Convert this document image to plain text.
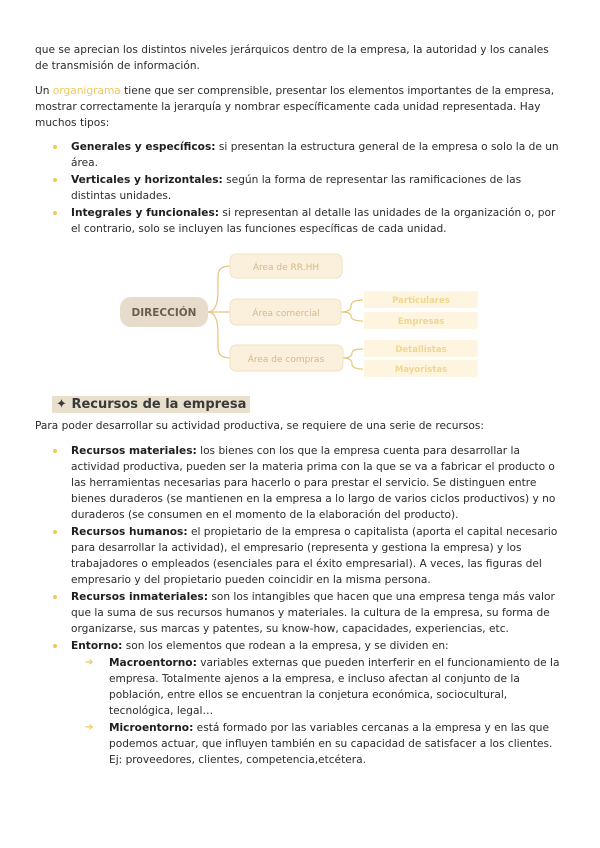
que se aprecian los distintos niveles jerárquicos dentro de la empresa, la autoridad y los canales de transmisión de información.

Un organigrama tiene que ser comprensible, presentar los elementos importantes de la empresa, mostrar correctamente la jerarquía y nombrar específicamente cada unidad representada. Hay muchos tipos:

Generales y específicos: si presentan la estructura general de la empresa o solo la de un área.
Verticales y horizontales: según la forma de representar las ramificaciones de las distintas unidades.
Integrales y funcionales: si representan al detalle las unidades de la organización o, por el contrario, solo se incluyen las funciones específicas de cada unidad.
DIRECCIÓN
Área de RR.HH
Área comercial
Área de compras
Particulares
Empresas
Detallistas
Mayoristas
✦ Recursos de la empresa

Para poder desarrollar su actividad productiva, se requiere de una serie de recursos:

Recursos materiales: los bienes con los que la empresa cuenta para desarrollar la actividad productiva, pueden ser la materia prima con la que se va a fabricar el producto o las herramientas necesarias para hacerlo o para prestar el servicio. Se distinguen entre bienes duraderos (se mantienen en la empresa a lo largo de varios ciclos productivos) y no duraderos (se consumen en el momento de la elaboración del producto).
Recursos humanos: el propietario de la empresa o capitalista (aporta el capital necesario para desarrollar la actividad), el empresario (representa y gestiona la empresa) y los trabajadores o empleados (esenciales para el éxito empresarial). A veces, las figuras del empresario y del propietario pueden coincidir en la misma persona.
Recursos inmateriales: son los intangibles que hacen que una empresa tenga más valor que la suma de sus recursos humanos y materiales. la cultura de la empresa, su forma de organizarse, sus marcas y patentes, su know-how, capacidades, experiencias, etc.
Entorno: son los elementos que rodean a la empresa, y se dividen en:
➔ Macroentorno: variables externas que pueden interferir en el funcionamiento de la empresa. Totalmente ajenos a la empresa, e incluso afectan al conjunto de la población, entre ellos se encuentran la conjetura económica, sociocultural, tecnológica, legal…
➔ Microentorno: está formado por las variables cercanas a la empresa y en las que podemos actuar, que influyen también en su capacidad de satisfacer a los clientes. Ej: proveedores, clientes, competencia,etcétera.
